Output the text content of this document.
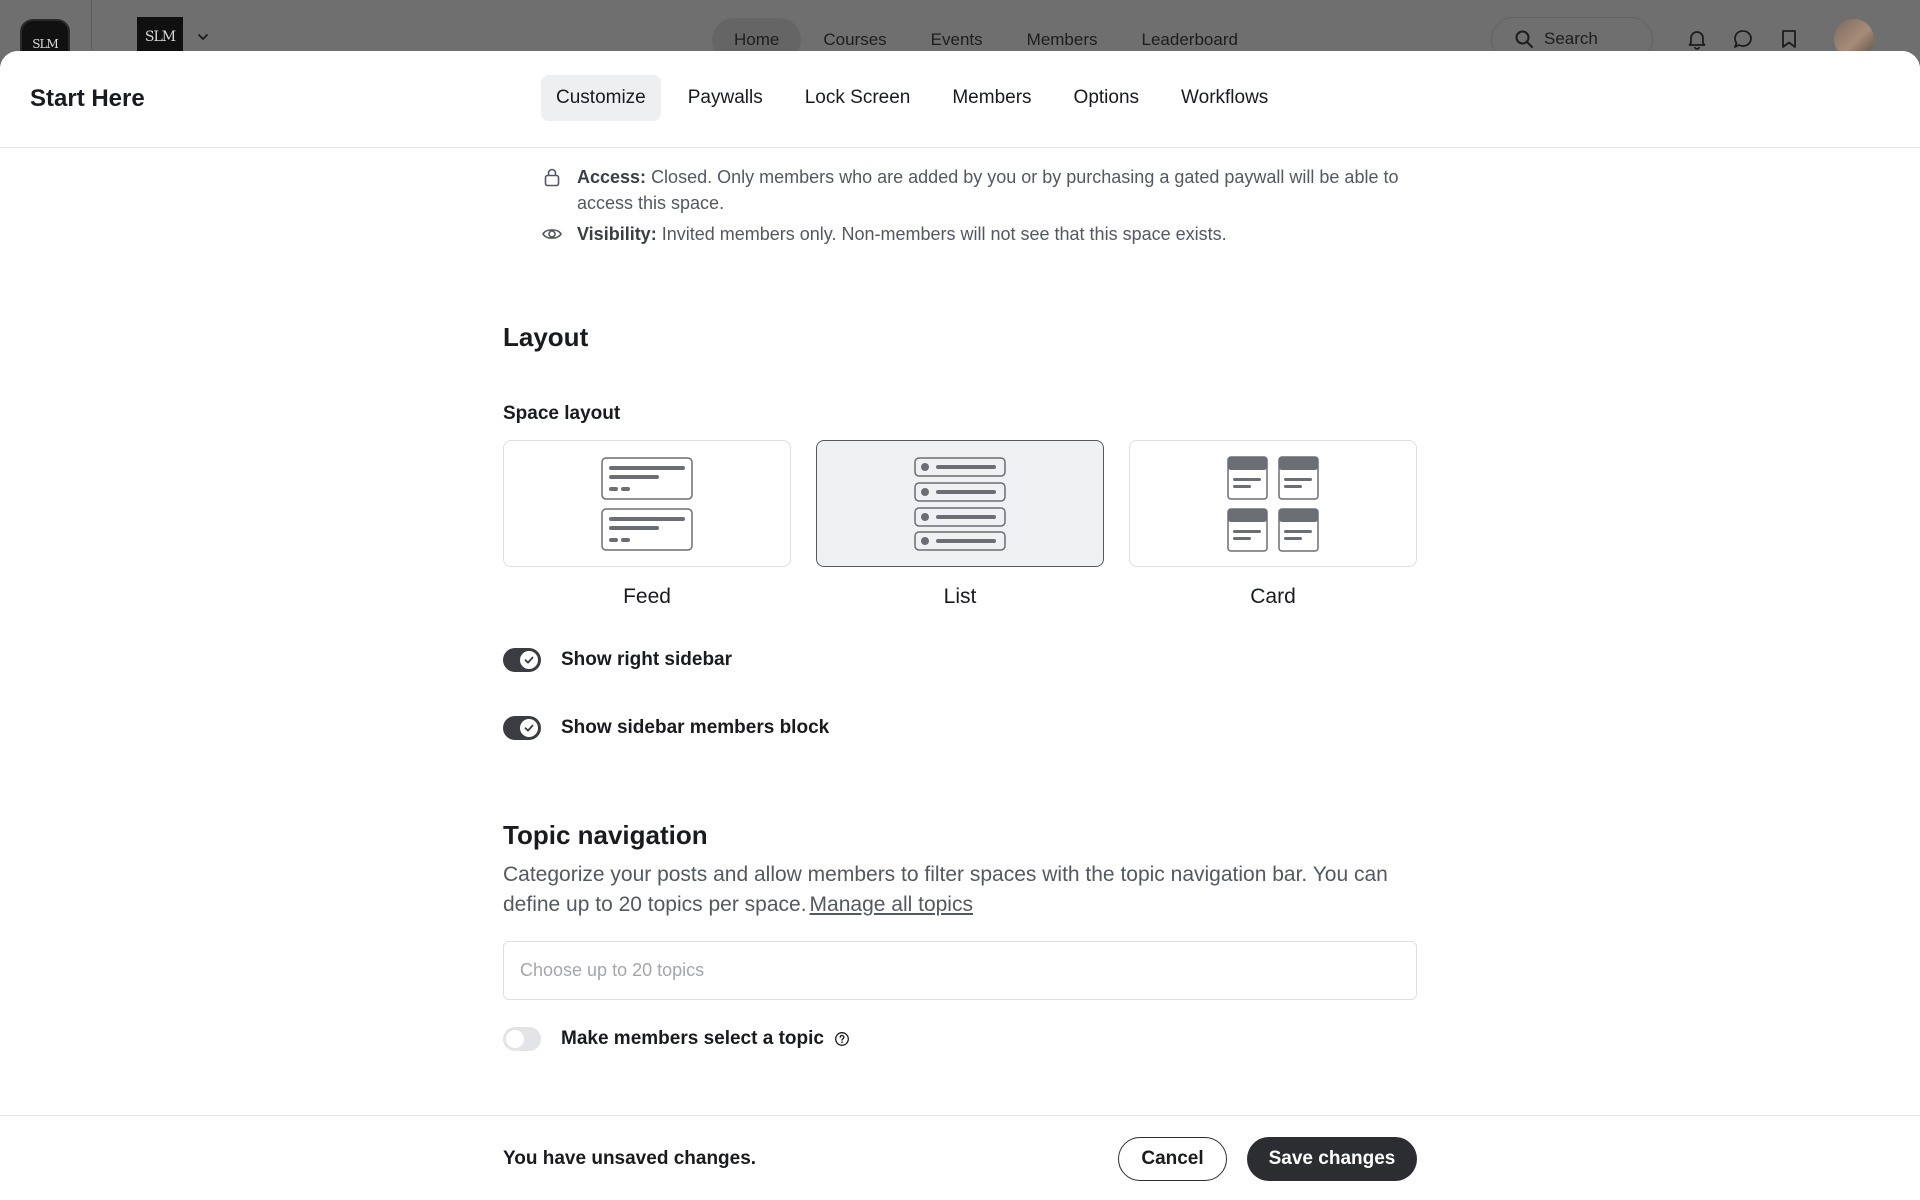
SLM	SLM	Home	Courses	Events	Members	Leaderboard	Search
Start Here	Customize	Paywalls	Lock Screen	Members	Options	Workflows
Access: Closed. Only members who are added by you or by purchasing a gated paywall will be able to access this space.
Visibility: Invited members only. Non-members will not see that this space exists.
Layout
Space layout
Feed	List	Card
Show right sidebar
Show sidebar members block
Topic navigation
Categorize your posts and allow members to filter spaces with the topic navigation bar. You can define up to 20 topics per space. Manage all topics
Choose up to 20 topics
Make members select a topic
You have unsaved changes.	Cancel	Save changes
